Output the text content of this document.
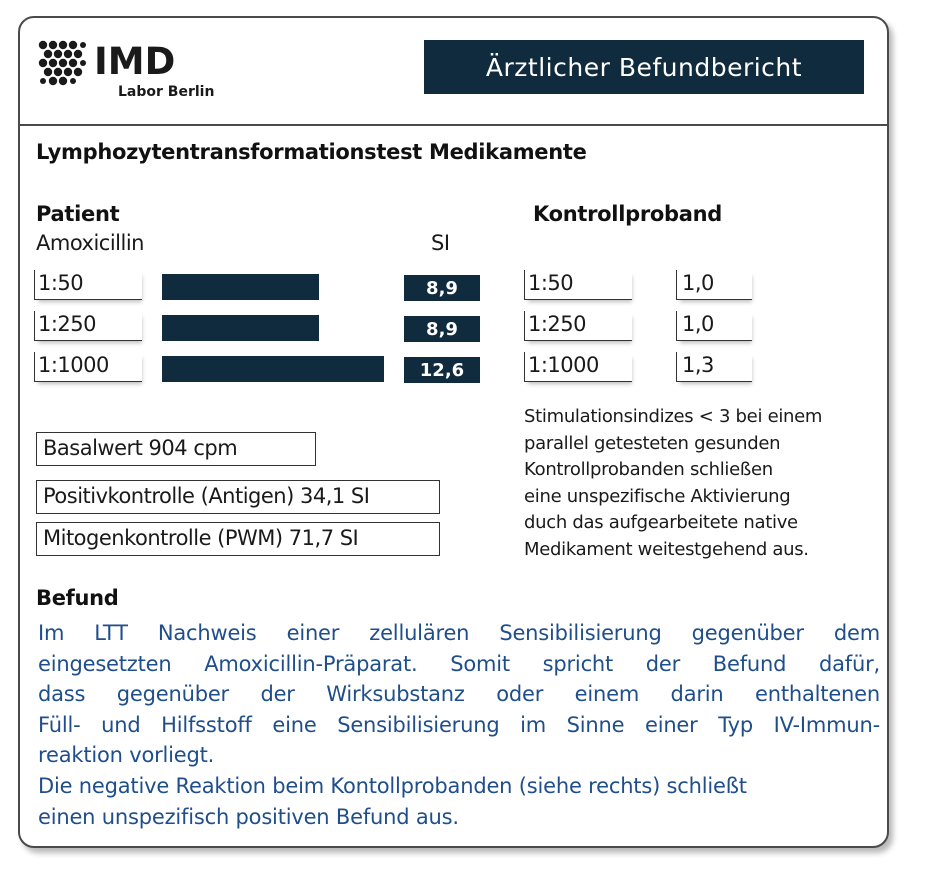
IMD
Labor Berlin
Ärztlicher Befundbericht
Lymphozytentransformationstest Medikamente
Patient
Amoxicillin	SI
1:50	8,9
1:250	8,9
1:1000	12,6
Kontrollproband
1:50	1,0
1:250	1,0
1:1000	1,3
Basalwert 904 cpm
Positivkontrolle (Antigen) 34,1 SI
Mitogenkontrolle (PWM) 71,7 SI
Stimulationsindizes < 3 bei einem
parallel getesteten gesunden
Kontrollprobanden schließen
eine unspezifische Aktivierung
duch das aufgearbeitete native
Medikament weitestgehend aus.
Befund
Im LTT Nachweis einer zellulären Sensibilisierung gegenüber dem
eingesetzten Amoxicillin-Präparat. Somit spricht der Befund dafür,
dass gegenüber der Wirksubstanz oder einem darin enthaltenen
Füll- und Hilfsstoff eine Sensibilisierung im Sinne einer Typ IV-Immun-
reaktion vorliegt.
Die negative Reaktion beim Kontollprobanden (siehe rechts) schließt
einen unspezifisch positiven Befund aus.
